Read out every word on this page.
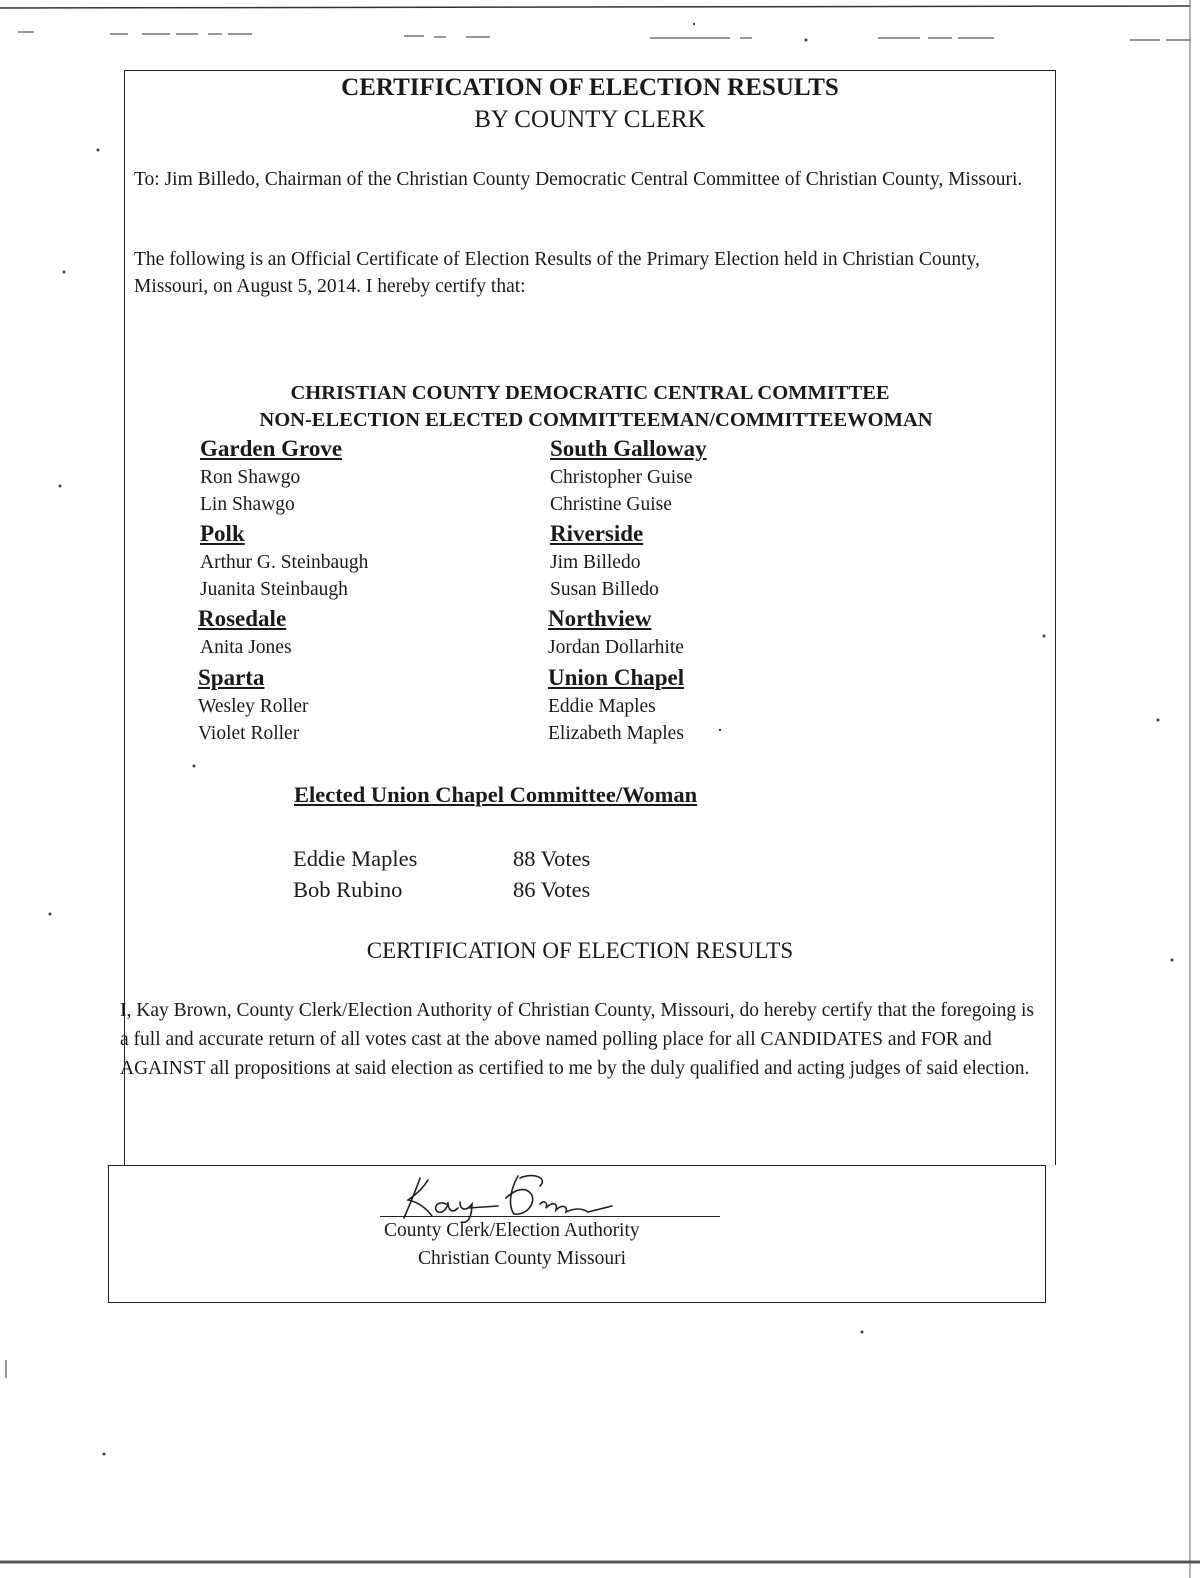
CERTIFICATION OF ELECTION RESULTS
BY COUNTY CLERK
To: Jim Billedo, Chairman of the Christian County Democratic Central Committee of Christian County, Missouri.
The following is an Official Certificate of Election Results of the Primary Election held in Christian County, Missouri, on August 5, 2014. I hereby certify that:
CHRISTIAN COUNTY DEMOCRATIC CENTRAL COMMITTEE
NON-ELECTION ELECTED COMMITTEEMAN/COMMITTEEWOMAN
Garden Grove
Ron Shawgo
Lin Shawgo
Polk
Arthur G. Steinbaugh
Juanita Steinbaugh
Rosedale
Anita Jones
Sparta
Wesley Roller
Violet Roller
South Galloway
Christopher Guise
Christine Guise
Riverside
Jim Billedo
Susan Billedo
Northview
Jordan Dollarhite
Union Chapel
Eddie Maples
Elizabeth Maples
Elected Union Chapel Committee/Woman
Eddie Maples	88 Votes
Bob Rubino	86 Votes
CERTIFICATION OF ELECTION RESULTS
I, Kay Brown, County Clerk/Election Authority of Christian County, Missouri, do hereby certify that the foregoing is a full and accurate return of all votes cast at the above named polling place for all CANDIDATES and FOR and AGAINST all propositions at said election as certified to me by the duly qualified and acting judges of said election.
County Clerk/Election Authority
Christian County Missouri
